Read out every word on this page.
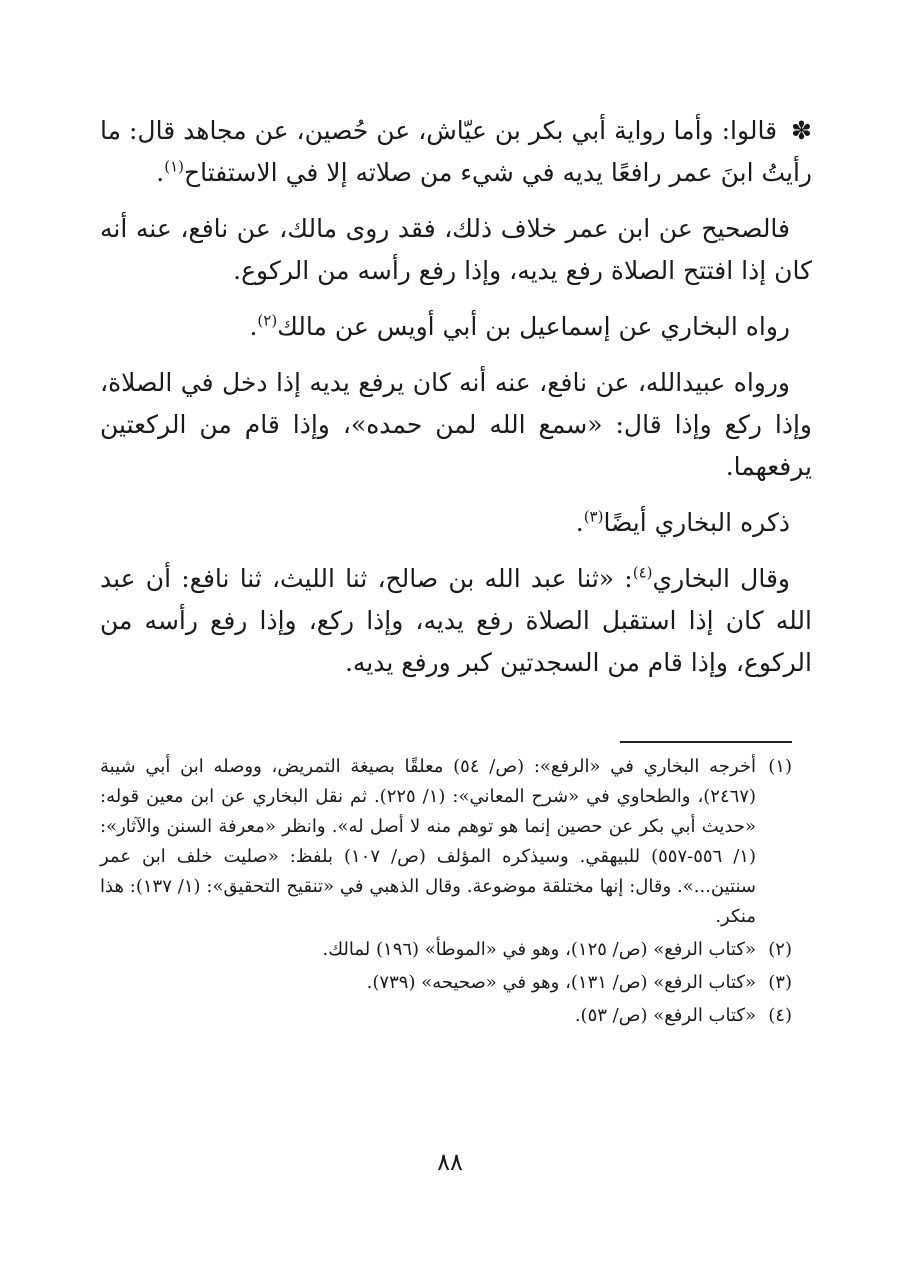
✽ قالوا: وأما رواية أبي بكر بن عيّاش، عن حُصين، عن مجاهد قال: ما رأيتُ ابنَ عمر رافعًا يديه في شيء من صلاته إلا في الاستفتاح$^{(١)}$.

فالصحيح عن ابن عمر خلاف ذلك، فقد روى مالك، عن نافع، عنه أنه كان إذا افتتح الصلاة رفع يديه، وإذا رفع رأسه من الركوع.

رواه البخاري عن إسماعيل بن أبي أويس عن مالك$^{(٢)}$.

ورواه عبيدالله، عن نافع، عنه أنه كان يرفع يديه إذا دخل في الصلاة، وإذا ركع وإذا قال: «سمع الله لمن حمده»، وإذا قام من الركعتين يرفعهما.

ذكره البخاري أيضًا$^{(٣)}$.

وقال البخاري$^{(٤)}$: «ثنا عبد الله بن صالح، ثنا الليث، ثنا نافع: أن عبد الله كان إذا استقبل الصلاة رفع يديه، وإذا ركع، وإذا رفع رأسه من الركوع، وإذا قام من السجدتين كبر ورفع يديه.

(١)
أخرجه البخاري في «الرفع»: (ص/ ٥٤) معلقًا بصيغة التمريض، ووصله ابن أبي شيبة (٢٤٦٧)، والطحاوي في «شرح المعاني»: (١/ ٢٢٥). ثم نقل البخاري عن ابن معين قوله: «حديث أبي بكر عن حصين إنما هو توهم منه لا أصل له». وانظر «معرفة السنن والآثار»: (١/ ٥٥٦-٥٥٧) للبيهقي. وسيذكره المؤلف (ص/ ١٠٧) بلفظ: «صليت خلف ابن عمر سنتين...». وقال: إنها مختلقة موضوعة. وقال الذهبي في «تنقيح التحقيق»: (١/ ١٣٧): هذا منكر.
(٢)
«كتاب الرفع» (ص/ ١٢٥)، وهو في «الموطأ» (١٩٦) لمالك.
(٣)
«كتاب الرفع» (ص/ ١٣١)، وهو في «صحيحه» (٧٣٩).
(٤)
«كتاب الرفع» (ص/ ٥٣).
٨٨
